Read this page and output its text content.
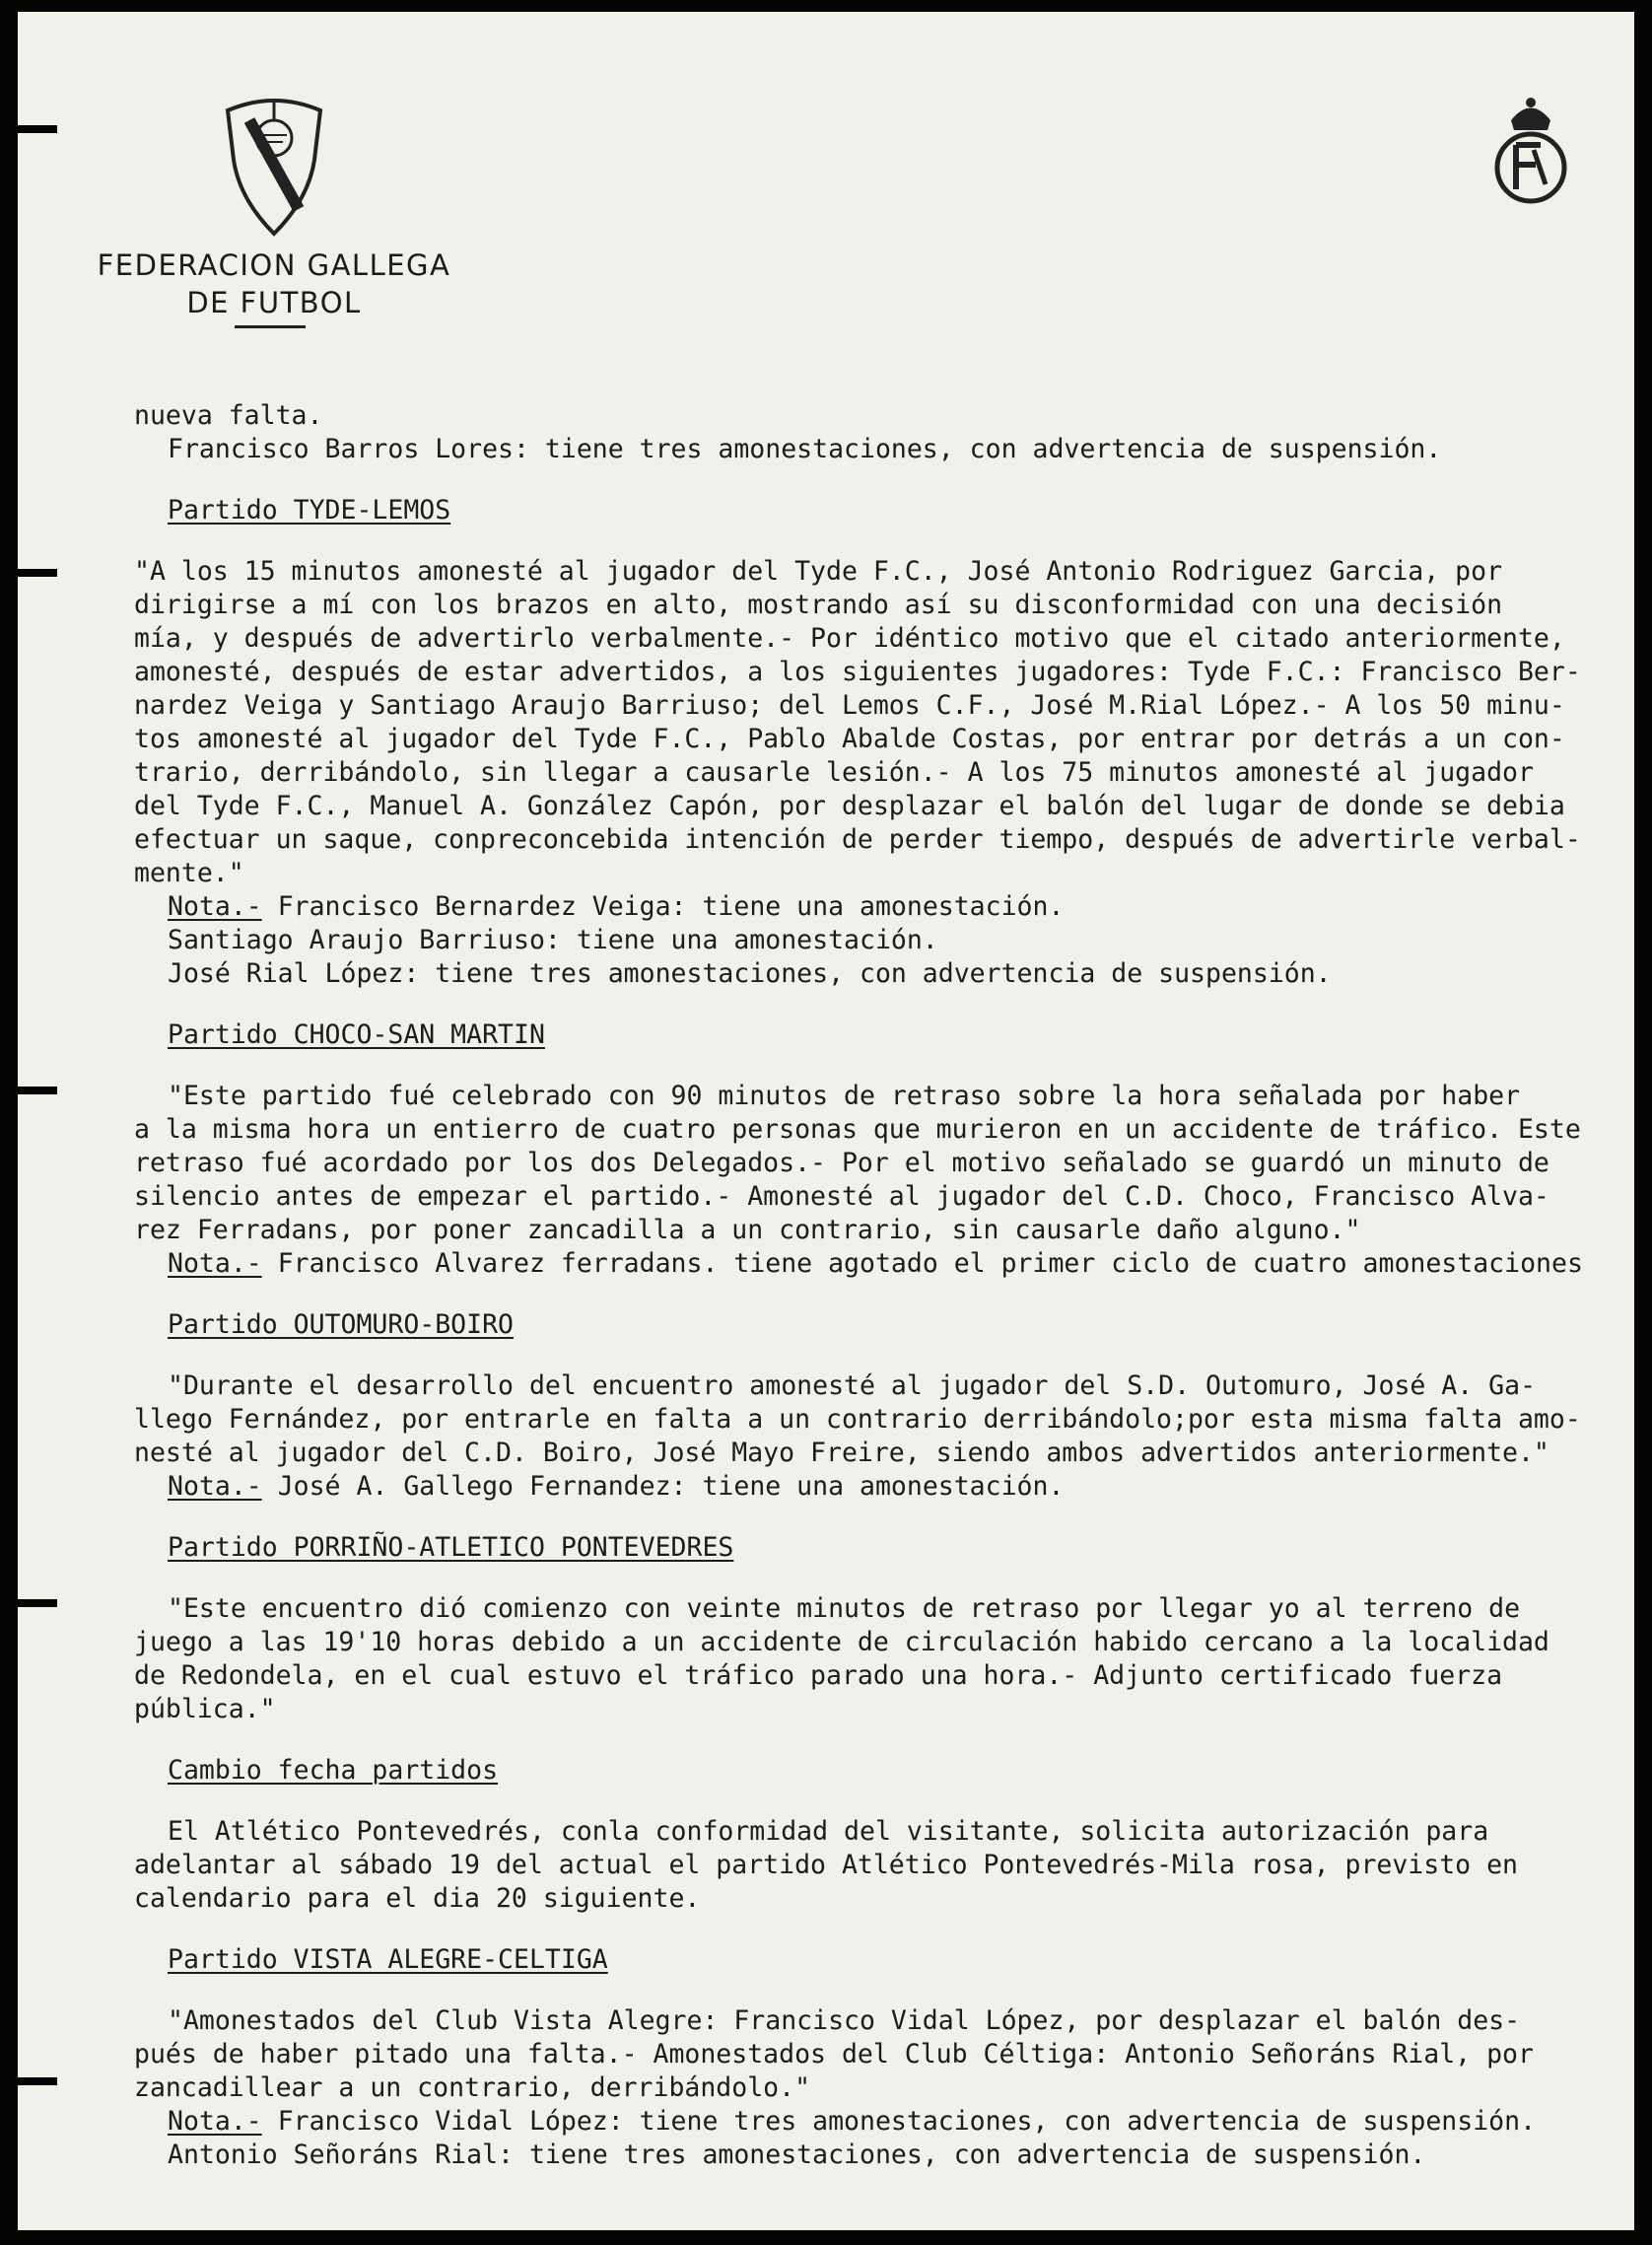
FEDERACION GALLEGA
DE FUTBOL
nueva falta.
Francisco Barros Lores: tiene tres amonestaciones, con advertencia de suspensión.
Partido TYDE-LEMOS
"A los 15 minutos amonesté al jugador del Tyde F.C., José Antonio Rodriguez Garcia, por
dirigirse a mí con los brazos en alto, mostrando así su disconformidad con una decisión
mía, y después de advertirlo verbalmente.- Por idéntico motivo que el citado anteriormente,
amonesté, después de estar advertidos, a los siguientes jugadores: Tyde F.C.: Francisco Ber-
nardez Veiga y Santiago Araujo Barriuso; del Lemos C.F., José M.Rial López.- A los 50 minu-
tos amonesté al jugador del Tyde F.C., Pablo Abalde Costas, por entrar por detrás a un con-
trario, derribándolo, sin llegar a causarle lesión.- A los 75 minutos amonesté al jugador
del Tyde F.C., Manuel A. González Capón, por desplazar el balón del lugar de donde se debia
efectuar un saque, conpreconcebida intención de perder tiempo, después de advertirle verbal-
mente."
Nota.- Francisco Bernardez Veiga: tiene una amonestación.
Santiago Araujo Barriuso: tiene una amonestación.
José Rial López: tiene tres amonestaciones, con advertencia de suspensión.
Partido CHOCO-SAN MARTIN
"Este partido fué celebrado con 90 minutos de retraso sobre la hora señalada por haber
a la misma hora un entierro de cuatro personas que murieron en un accidente de tráfico. Este
retraso fué acordado por los dos Delegados.- Por el motivo señalado se guardó un minuto de
silencio antes de empezar el partido.- Amonesté al jugador del C.D. Choco, Francisco Alva-
rez Ferradans, por poner zancadilla a un contrario, sin causarle daño alguno."
Nota.- Francisco Alvarez ferradans. tiene agotado el primer ciclo de cuatro amonestaciones
Partido OUTOMURO-BOIRO
"Durante el desarrollo del encuentro amonesté al jugador del S.D. Outomuro, José A. Ga-
llego Fernández, por entrarle en falta a un contrario derribándolo;por esta misma falta amo-
nesté al jugador del C.D. Boiro, José Mayo Freire, siendo ambos advertidos anteriormente."
Nota.- José A. Gallego Fernandez: tiene una amonestación.
Partido PORRIÑO-ATLETICO PONTEVEDRES
"Este encuentro dió comienzo con veinte minutos de retraso por llegar yo al terreno de
juego a las 19'10 horas debido a un accidente de circulación habido cercano a la localidad
de Redondela, en el cual estuvo el tráfico parado una hora.- Adjunto certificado fuerza
pública."
Cambio fecha partidos
El Atlético Pontevedrés, conla conformidad del visitante, solicita autorización para
adelantar al sábado 19 del actual el partido Atlético Pontevedrés-Mila rosa, previsto en
calendario para el dia 20 siguiente.
Partido VISTA ALEGRE-CELTIGA
"Amonestados del Club Vista Alegre: Francisco Vidal López, por desplazar el balón des-
pués de haber pitado una falta.- Amonestados del Club Céltiga: Antonio Señoráns Rial, por
zancadillear a un contrario, derribándolo."
Nota.- Francisco Vidal López: tiene tres amonestaciones, con advertencia de suspensión.
Antonio Señoráns Rial: tiene tres amonestaciones, con advertencia de suspensión.
